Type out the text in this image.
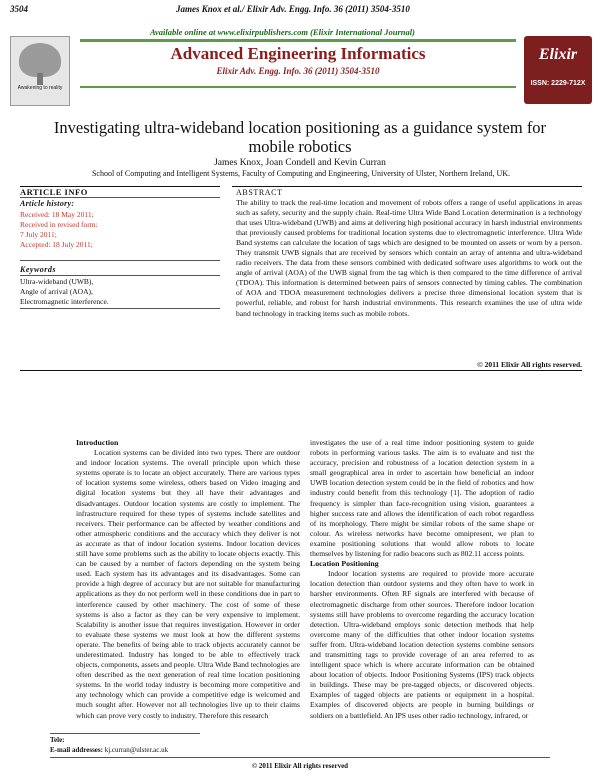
3504	James Knox et al./ Elixir Adv. Engg. Info. 36 (2011) 3504-3510
Awakening to reality
Available online at www.elixirpublishers.com (Elixir International Journal)
Advanced Engineering Informatics
Elixir Adv. Engg. Info. 36 (2011) 3504-3510
Elixir
ISSN: 2229-712X
Investigating ultra-wideband location positioning as a guidance system for mobile robotics
James Knox, Joan Condell and Kevin Curran
School of Computing and Intelligent Systems, Faculty of Computing and Engineering, University of Ulster, Northern Ireland, UK.
ARTICLE INFO
Article history:
Received: 18 May 2011;
Received in revised form:
7 July 2011;
Accepted: 18 July 2011;
Keywords
Ultra-wideband (UWB),
Angle of arrival (AOA),
Electromagnetic interference.
ABSTRACT
The ability to track the real-time location and movement of robots offers a range of useful applications in areas such as safety, security and the supply chain. Real-time Ultra Wide Band Location determination is a technology that uses Ultra-wideband (UWB) and aims at delivering high positional accuracy in harsh industrial environments that previously caused problems for traditional location systems due to electromagnetic interference. Ultra Wide Band systems can calculate the location of tags which are designed to be mounted on assets or worn by a person. They transmit UWB signals that are received by sensors which contain an array of antenna and ultra-wideband radio receivers. The data from these sensors combined with dedicated software uses algorithms to work out the angle of arrival (AOA) of the UWB signal from the tag which is then compared to the time difference of arrival (TDOA). This information is determined between pairs of sensors connected by timing cables. The combination of AOA and TDOA measurement technologies delivers a precise three dimensional location system that is powerful, reliable, and robust for harsh industrial environments. This research examines the use of ultra wide band technology in tracking items such as mobile robots.
© 2011 Elixir All rights reserved.
Introduction

Location systems can be divided into two types. There are outdoor and indoor location systems. The overall principle upon which these systems operate is to locate an object accurately. There are various types of location systems some wireless, others based on Video imaging and digital location systems but they all have their advantages and disadvantages. Outdoor location systems are costly to implement. The infrastructure required for these types of systems include satellites and receivers. Their performance can be affected by weather conditions and other atmospheric conditions and the accuracy which they deliver is not as accurate as that of indoor location systems. Indoor location devices still have some problems such as the ability to locate objects exactly. This can be caused by a number of factors depending on the system being used. Each system has its advantages and its disadvantages. Some can provide a high degree of accuracy but are not suitable for manufacturing applications as they do not perform well in these conditions due in part to interference caused by other machinery. The cost of some of these systems is also a factor as they can be very expensive to implement. Scalability is another issue that requires investigation. However in order to evaluate these systems we must look at how the different systems operate. The benefits of being able to track objects accurately cannot be underestimated. Industry has longed to be able to effectively track objects, components, assets and people. Ultra Wide Band technologies are often described as the next generation of real time location positioning systems. In the world today industry is becoming more competitive and any technology which can provide a competitive edge is welcomed and much sought after. However not all technologies live up to their claims which can prove very costly to industry. Therefore this research

investigates the use of a real time indoor positioning system to guide robots in performing various tasks. The aim is to evaluate and test the accuracy, precision and robustness of a location detection system in a small geographical area in order to ascertain how beneficial an indoor UWB location detection system could be in the field of robotics and how industry could benefit from this technology [1]. The adoption of radio frequency is simpler than face-recognition using vision, guarantees a higher success rate and allows the identification of each robot regardless of its morphology. There might be similar robots of the same shape or colour. As wireless networks have become omnipresent, we plan to examine positioning solutions that would allow robots to locate themselves by listening for radio beacons such as 802.11 access points.

Location Positioning

Indoor location systems are required to provide more accurate location detection than outdoor systems and they often have to work in harsher environments. Often RF signals are interfered with because of electromagnetic discharge from other sources. Therefore indoor location systems still have problems to overcome regarding the accuracy location detection. Ultra-wideband employs sonic detection methods that help overcome many of the difficulties that other indoor location systems suffer from. Ultra-wideband location detection systems combine sensors and transmitting tags to provide coverage of an area referred to as intelligent space which is where accurate information can be obtained about location of objects. Indoor Positioning Systems (IPS) track objects in buildings. These may be pre-tagged objects, or discovered objects. Examples of tagged objects are patients or equipment in a hospital. Examples of discovered objects are people in burning buildings or soldiers on a battlefield. An IPS uses other radio technology, infrared, or

Tele:
E-mail addresses: kj.curran@ulster.ac.uk
© 2011 Elixir All rights reserved
